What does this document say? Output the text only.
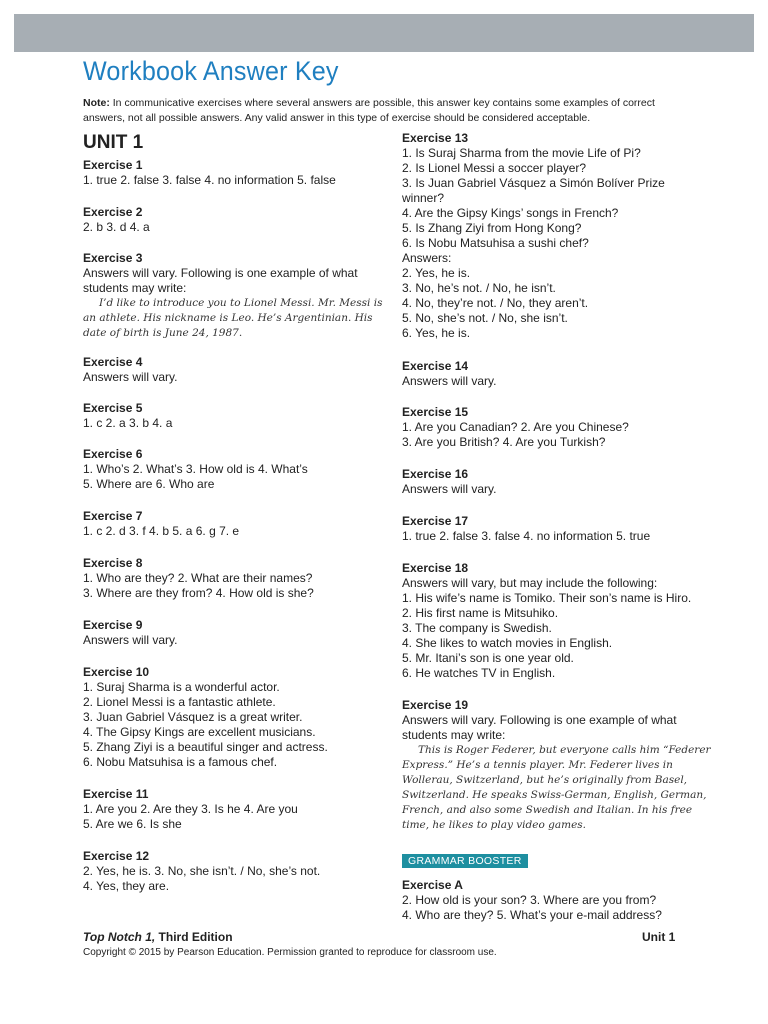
Workbook Answer Key
Note: In communicative exercises where several answers are possible, this answer key contains some examples of correct answers, not all possible answers. Any valid answer in this type of exercise should be considered acceptable.
UNIT 1
Exercise 1
1. true 2. false 3. false 4. no information 5. false
Exercise 2
2. b 3. d 4. a
Exercise 3
Answers will vary. Following is one example of what
students may write:
I’d like to introduce you to Lionel Messi. Mr. Messi is
an athlete. His nickname is Leo. He’s Argentinian. His
date of birth is June 24, 1987.
Exercise 4
Answers will vary.
Exercise 5
1. c 2. a 3. b 4. a
Exercise 6
1. Who’s 2. What’s 3. How old is 4. What’s
5. Where are 6. Who are
Exercise 7
1. c 2. d 3. f 4. b 5. a 6. g 7. e
Exercise 8
1. Who are they? 2. What are their names?
3. Where are they from? 4. How old is she?
Exercise 9
Answers will vary.
Exercise 10
1. Suraj Sharma is a wonderful actor.
2. Lionel Messi is a fantastic athlete.
3. Juan Gabriel Vásquez is a great writer.
4. The Gipsy Kings are excellent musicians.
5. Zhang Ziyi is a beautiful singer and actress.
6. Nobu Matsuhisa is a famous chef.
Exercise 11
1. Are you 2. Are they 3. Is he 4. Are you
5. Are we 6. Is she
Exercise 12
2. Yes, he is. 3. No, she isn’t. / No, she’s not.
4. Yes, they are.
Exercise 13
1. Is Suraj Sharma from the movie Life of Pi?
2. Is Lionel Messi a soccer player?
3. Is Juan Gabriel Vásquez a Simón Bolíver Prize
winner?
4. Are the Gipsy Kings’ songs in French?
5. Is Zhang Ziyi from Hong Kong?
6. Is Nobu Matsuhisa a sushi chef?
Answers:
2. Yes, he is.
3. No, he’s not. / No, he isn’t.
4. No, they’re not. / No, they aren’t.
5. No, she’s not. / No, she isn’t.
6. Yes, he is.
Exercise 14
Answers will vary.
Exercise 15
1. Are you Canadian? 2. Are you Chinese?
3. Are you British? 4. Are you Turkish?
Exercise 16
Answers will vary.
Exercise 17
1. true 2. false 3. false 4. no information 5. true
Exercise 18
Answers will vary, but may include the following:
1. His wife’s name is Tomiko. Their son’s name is Hiro.
2. His first name is Mitsuhiko.
3. The company is Swedish.
4. She likes to watch movies in English.
5. Mr. Itani’s son is one year old.
6. He watches TV in English.
Exercise 19
Answers will vary. Following is one example of what
students may write:
This is Roger Federer, but everyone calls him “Federer
Express.” He’s a tennis player. Mr. Federer lives in
Wollerau, Switzerland, but he’s originally from Basel,
Switzerland. He speaks Swiss-German, English, German,
French, and also some Swedish and Italian. In his free
time, he likes to play video games.
GRAMMAR BOOSTER
Exercise A
2. How old is your son? 3. Where are you from?
4. Who are they? 5. What’s your e-mail address?
Top Notch 1, Third Edition	Unit 1
Copyright © 2015 by Pearson Education. Permission granted to reproduce for classroom use.
